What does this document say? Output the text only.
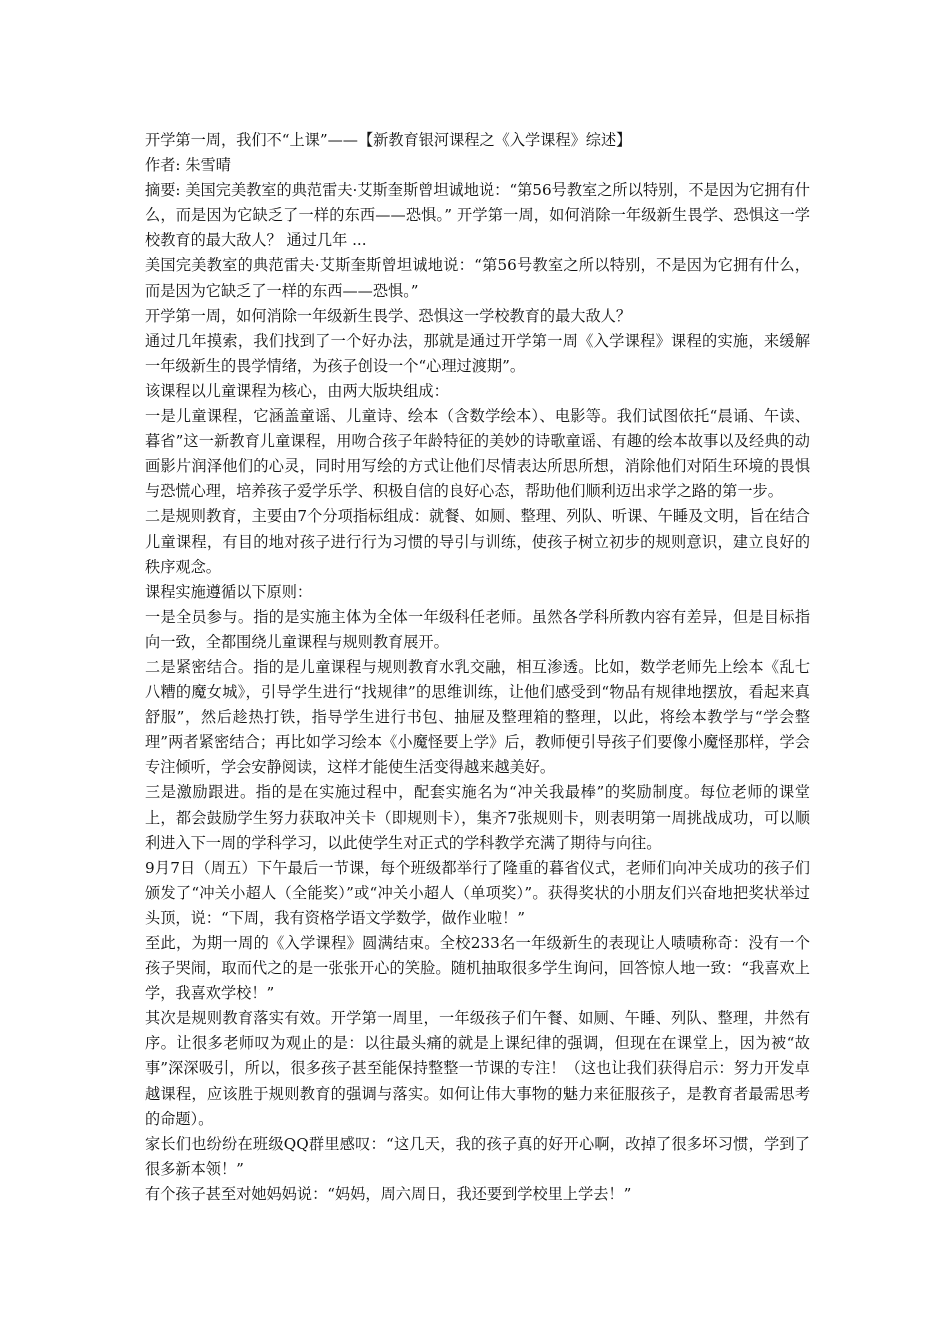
开学第一周，我们不“上课”——【新教育银河课程之《入学课程》综述】

作者: 朱雪晴

摘要: 美国完美教室的典范雷夫·艾斯奎斯曾坦诚地说：“第56号教室之所以特别，不是因为它拥有什么，而是因为它缺乏了一样的东西——恐惧。” 开学第一周，如何消除一年级新生畏学、恐惧这一学校教育的最大敌人？ 通过几年 ...

美国完美教室的典范雷夫·艾斯奎斯曾坦诚地说：“第56号教室之所以特别，不是因为它拥有什么，而是因为它缺乏了一样的东西——恐惧。”

开学第一周，如何消除一年级新生畏学、恐惧这一学校教育的最大敌人？

通过几年摸索，我们找到了一个好办法，那就是通过开学第一周《入学课程》课程的实施，来缓解一年级新生的畏学情绪，为孩子创设一个“心理过渡期”。

该课程以儿童课程为核心，由两大版块组成：

一是儿童课程，它涵盖童谣、儿童诗、绘本（含数学绘本）、电影等。我们试图依托“晨诵、午读、暮省”这一新教育儿童课程，用吻合孩子年龄特征的美妙的诗歌童谣、有趣的绘本故事以及经典的动画影片润泽他们的心灵，同时用写绘的方式让他们尽情表达所思所想，消除他们对陌生环境的畏惧与恐慌心理，培养孩子爱学乐学、积极自信的良好心态，帮助他们顺利迈出求学之路的第一步。

二是规则教育，主要由7个分项指标组成：就餐、如厕、整理、列队、听课、午睡及文明，旨在结合儿童课程，有目的地对孩子进行行为习惯的导引与训练，使孩子树立初步的规则意识，建立良好的秩序观念。

课程实施遵循以下原则：

一是全员参与。指的是实施主体为全体一年级科任老师。虽然各学科所教内容有差异，但是目标指向一致，全都围绕儿童课程与规则教育展开。

二是紧密结合。指的是儿童课程与规则教育水乳交融，相互渗透。比如，数学老师先上绘本《乱七八糟的魔女城》，引导学生进行“找规律”的思维训练，让他们感受到“物品有规律地摆放，看起来真舒服”，然后趁热打铁，指导学生进行书包、抽屉及整理箱的整理，以此，将绘本教学与“学会整理”两者紧密结合；再比如学习绘本《小魔怪要上学》后，教师便引导孩子们要像小魔怪那样，学会专注倾听，学会安静阅读，这样才能使生活变得越来越美好。

三是激励跟进。指的是在实施过程中，配套实施名为“冲关我最棒”的奖励制度。每位老师的课堂上，都会鼓励学生努力获取冲关卡（即规则卡），集齐7张规则卡，则表明第一周挑战成功，可以顺利进入下一周的学科学习，以此使学生对正式的学科教学充满了期待与向往。

9月7日（周五）下午最后一节课，每个班级都举行了隆重的暮省仪式，老师们向冲关成功的孩子们颁发了“冲关小超人（全能奖）”或“冲关小超人（单项奖）”。获得奖状的小朋友们兴奋地把奖状举过头顶，说：“下周，我有资格学语文学数学，做作业啦！”

至此，为期一周的《入学课程》圆满结束。全校233名一年级新生的表现让人啧啧称奇：没有一个孩子哭闹，取而代之的是一张张开心的笑脸。随机抽取很多学生询问，回答惊人地一致：“我喜欢上学，我喜欢学校！”

其次是规则教育落实有效。开学第一周里，一年级孩子们午餐、如厕、午睡、列队、整理，井然有序。让很多老师叹为观止的是：以往最头痛的就是上课纪律的强调，但现在在课堂上，因为被“故事”深深吸引，所以，很多孩子甚至能保持整整一节课的专注！（这也让我们获得启示：努力开发卓越课程，应该胜于规则教育的强调与落实。如何让伟大事物的魅力来征服孩子，是教育者最需思考的命题）。

家长们也纷纷在班级QQ群里感叹：“这几天，我的孩子真的好开心啊，改掉了很多坏习惯，学到了很多新本领！”

有个孩子甚至对她妈妈说：“妈妈，周六周日，我还要到学校里上学去！”
